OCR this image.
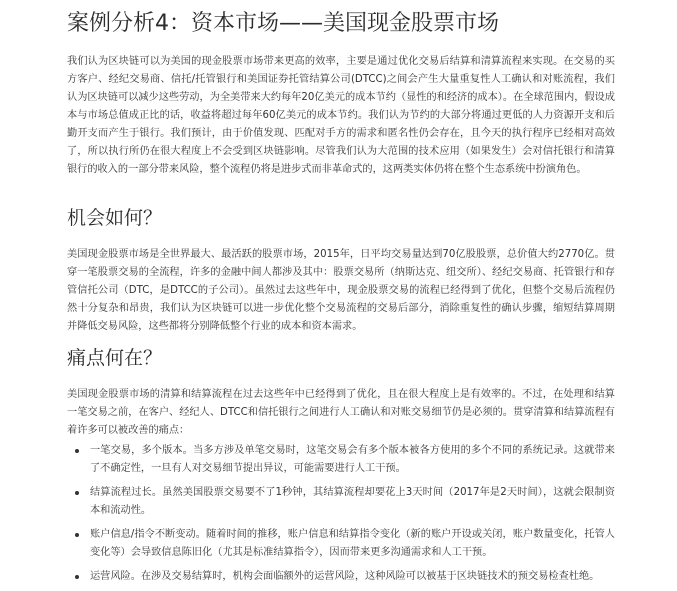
案例分析4：资本市场——美国现金股票市场

我们认为区块链可以为美国的现金股票市场带来更高的效率，主要是通过优化交易后结算和清算流程来实现。在交易的买方客户、经纪交易商、信托/托管银行和美国证券托管结算公司(DTCC)之间会产生大量重复性人工确认和对账流程，我们认为区块链可以减少这些劳动，为全美带来大约每年20亿美元的成本节约（显性的和经济的成本）。在全球范围内，假设成本与市场总值成正比的话，收益将超过每年60亿美元的成本节约。我们认为节约的大部分将通过更低的人力资源开支和后勤开支而产生于银行。我们预计，由于价值发现、匹配对手方的需求和匿名性仍会存在，且今天的执行程序已经相对高效了，所以执行所仍在很大程度上不会受到区块链影响。尽管我们认为大范围的技术应用（如果发生）会对信托银行和清算银行的收入的一部分带来风险，整个流程仍将是进步式而非革命式的，这两类实体仍将在整个生态系统中扮演角色。

机会如何？

美国现金股票市场是全世界最大、最活跃的股票市场，2015年，日平均交易量达到70亿股股票，总价值大约2770亿。贯穿一笔股票交易的全流程，许多的金融中间人都涉及其中：股票交易所（纳斯达克、纽交所）、经纪交易商、托管银行和存管信托公司（DTC，是DTCC的子公司）。虽然过去这些年中，现金股票交易的流程已经得到了优化，但整个交易后流程仍然十分复杂和昂贵，我们认为区块链可以进一步优化整个交易流程的交易后部分，消除重复性的确认步骤，缩短结算周期并降低交易风险，这些都将分别降低整个行业的成本和资本需求。

痛点何在？

美国现金股票市场的清算和结算流程在过去这些年中已经得到了优化，且在很大程度上是有效率的。不过，在处理和结算一笔交易之前，在客户、经纪人、DTCC和信托银行之间进行人工确认和对账交易细节仍是必须的。贯穿清算和结算流程有着许多可以被改善的痛点：

一笔交易，多个版本。当多方涉及单笔交易时，这笔交易会有多个版本被各方使用的多个不同的系统记录。这就带来了不确定性，一旦有人对交易细节提出异议，可能需要进行人工干预。
结算流程过长。虽然美国股票交易要不了1秒钟，其结算流程却要花上3天时间（2017年是2天时间），这就会限制资本和流动性。
账户信息/指令不断变动。随着时间的推移，账户信息和结算指令变化（新的账户开设或关闭，账户数量变化，托管人变化等）会导致信息陈旧化（尤其是标准结算指令），因而带来更多沟通需求和人工干预。
运营风险。在涉及交易结算时，机构会面临额外的运营风险，这种风险可以被基于区块链技术的预交易检查杜绝。
